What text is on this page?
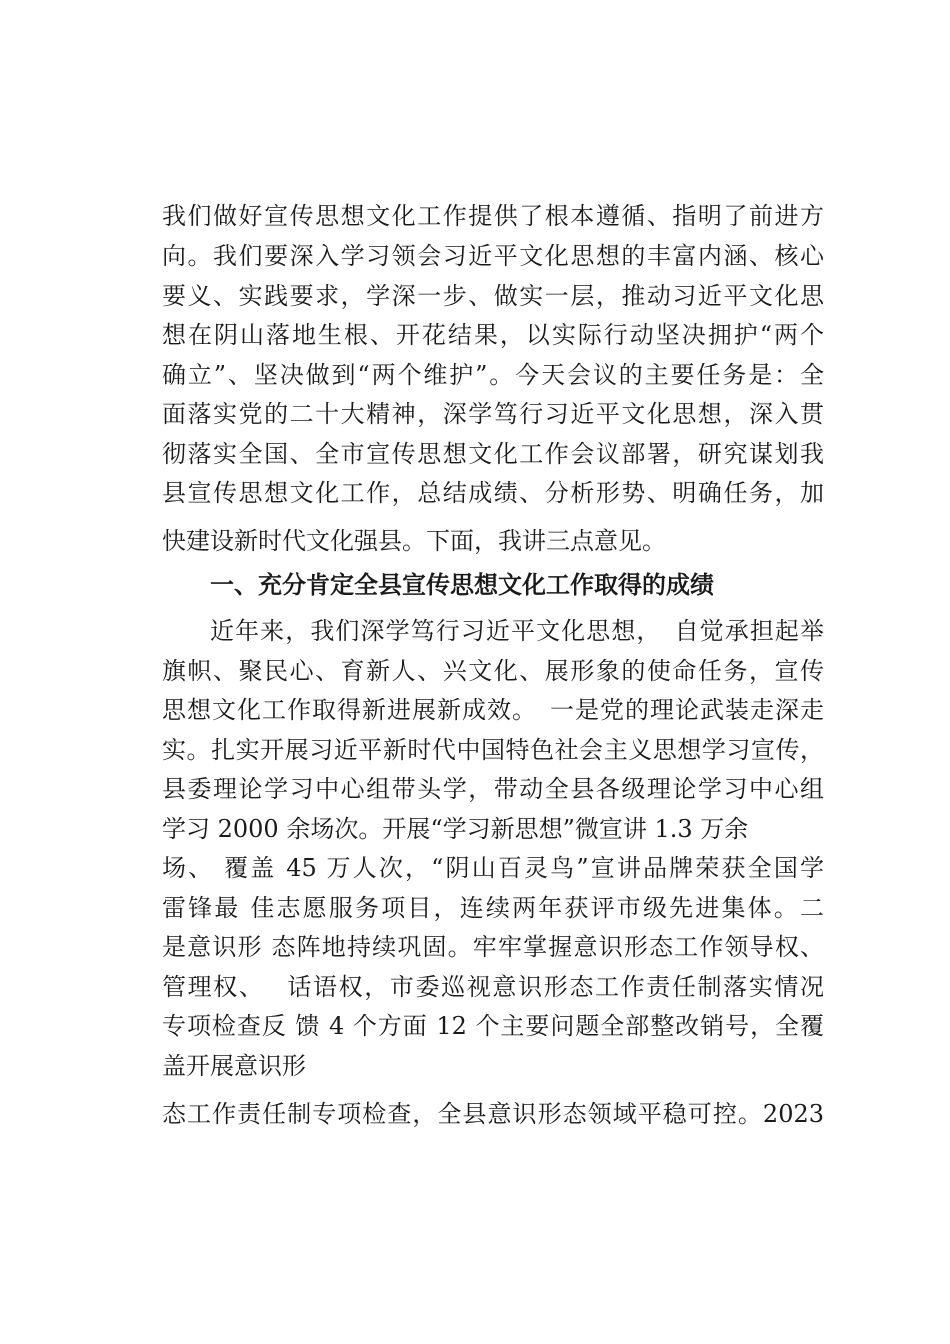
我们做好宣传思想文化工作提供了根本遵循、指明了前进方
向。我们要深入学习领会习近平文化思想的丰富内涵、核心
要义、实践要求，学深一步、做实一层，推动习近平文化思
想在阴山落地生根、开花结果，以实际行动坚决拥护“两个
确立”、坚决做到“两个维护”。今天会议的主要任务是：全
面落实党的二十大精神，深学笃行习近平文化思想，深入贯
彻落实全国、全市宣传思想文化工作会议部署，研究谋划我
县宣传思想文化工作，总结成绩、分析形势、明确任务，加
快建设新时代文化强县。下面，我讲三点意见。
一、充分肯定全县宣传思想文化工作取得的成绩
近年来，我们深学笃行习近平文化思想，　自觉承担起举
旗帜、聚民心、育新人、兴文化、展形象的使命任务，宣传
思想文化工作取得新进展新成效。　一是党的理论武装走深走
实。扎实开展习近平新时代中国特色社会主义思想学习宣传，
县委理论学习中心组带头学，带动全县各级理论学习中心组
学习 2000 余场次。开展“学习新思想”微宣讲 1.3 万余
场、 覆盖 45 万人次，“阴山百灵鸟”宣讲品牌荣获全国学
雷锋最 佳志愿服务项目，连续两年获评市级先进集体。二
是意识形 态阵地持续巩固。牢牢掌握意识形态工作领导权、
管理权、　 话语权，市委巡视意识形态工作责任制落实情况
专项检查反 馈 4 个方面 12 个主要问题全部整改销号，全覆
盖开展意识形
态工作责任制专项检查，全县意识形态领域平稳可控。2023
